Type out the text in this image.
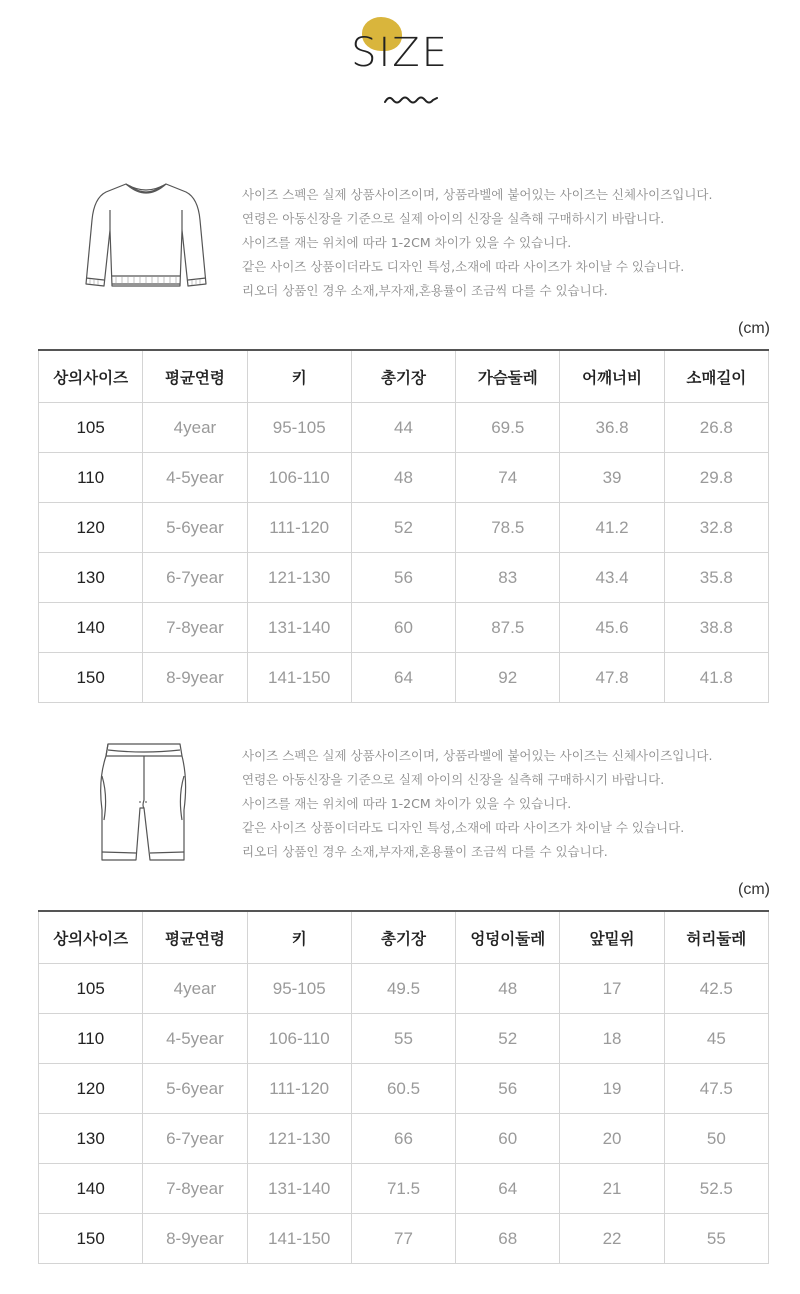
SIZE
사이즈 스펙은 실제 상품사이즈이며, 상품라벨에 붙어있는 사이즈는 신체사이즈입니다.
연령은 아동신장을 기준으로 실제 아이의 신장을 실측해 구매하시기 바랍니다.
사이즈를 재는 위치에 따라 1-2CM 차이가 있을 수 있습니다.
같은 사이즈 상품이더라도 디자인 특성,소재에 따라 사이즈가 차이날 수 있습니다.
리오더 상품인 경우 소재,부자재,혼용률이 조금씩 다를 수 있습니다.
(cm)
상의사이즈	평균연령	키	총기장	가슴둘레	어깨너비	소매길이
105	4year	95-105	44	69.5	36.8	26.8
110	4-5year	106-110	48	74	39	29.8
120	5-6year	111-120	52	78.5	41.2	32.8
130	6-7year	121-130	56	83	43.4	35.8
140	7-8year	131-140	60	87.5	45.6	38.8
150	8-9year	141-150	64	92	47.8	41.8
사이즈 스펙은 실제 상품사이즈이며, 상품라벨에 붙어있는 사이즈는 신체사이즈입니다.
연령은 아동신장을 기준으로 실제 아이의 신장을 실측해 구매하시기 바랍니다.
사이즈를 재는 위치에 따라 1-2CM 차이가 있을 수 있습니다.
같은 사이즈 상품이더라도 디자인 특성,소재에 따라 사이즈가 차이날 수 있습니다.
리오더 상품인 경우 소재,부자재,혼용률이 조금씩 다를 수 있습니다.
(cm)
상의사이즈	평균연령	키	총기장	엉덩이둘레	앞밑위	허리둘레
105	4year	95-105	49.5	48	17	42.5
110	4-5year	106-110	55	52	18	45
120	5-6year	111-120	60.5	56	19	47.5
130	6-7year	121-130	66	60	20	50
140	7-8year	131-140	71.5	64	21	52.5
150	8-9year	141-150	77	68	22	55
